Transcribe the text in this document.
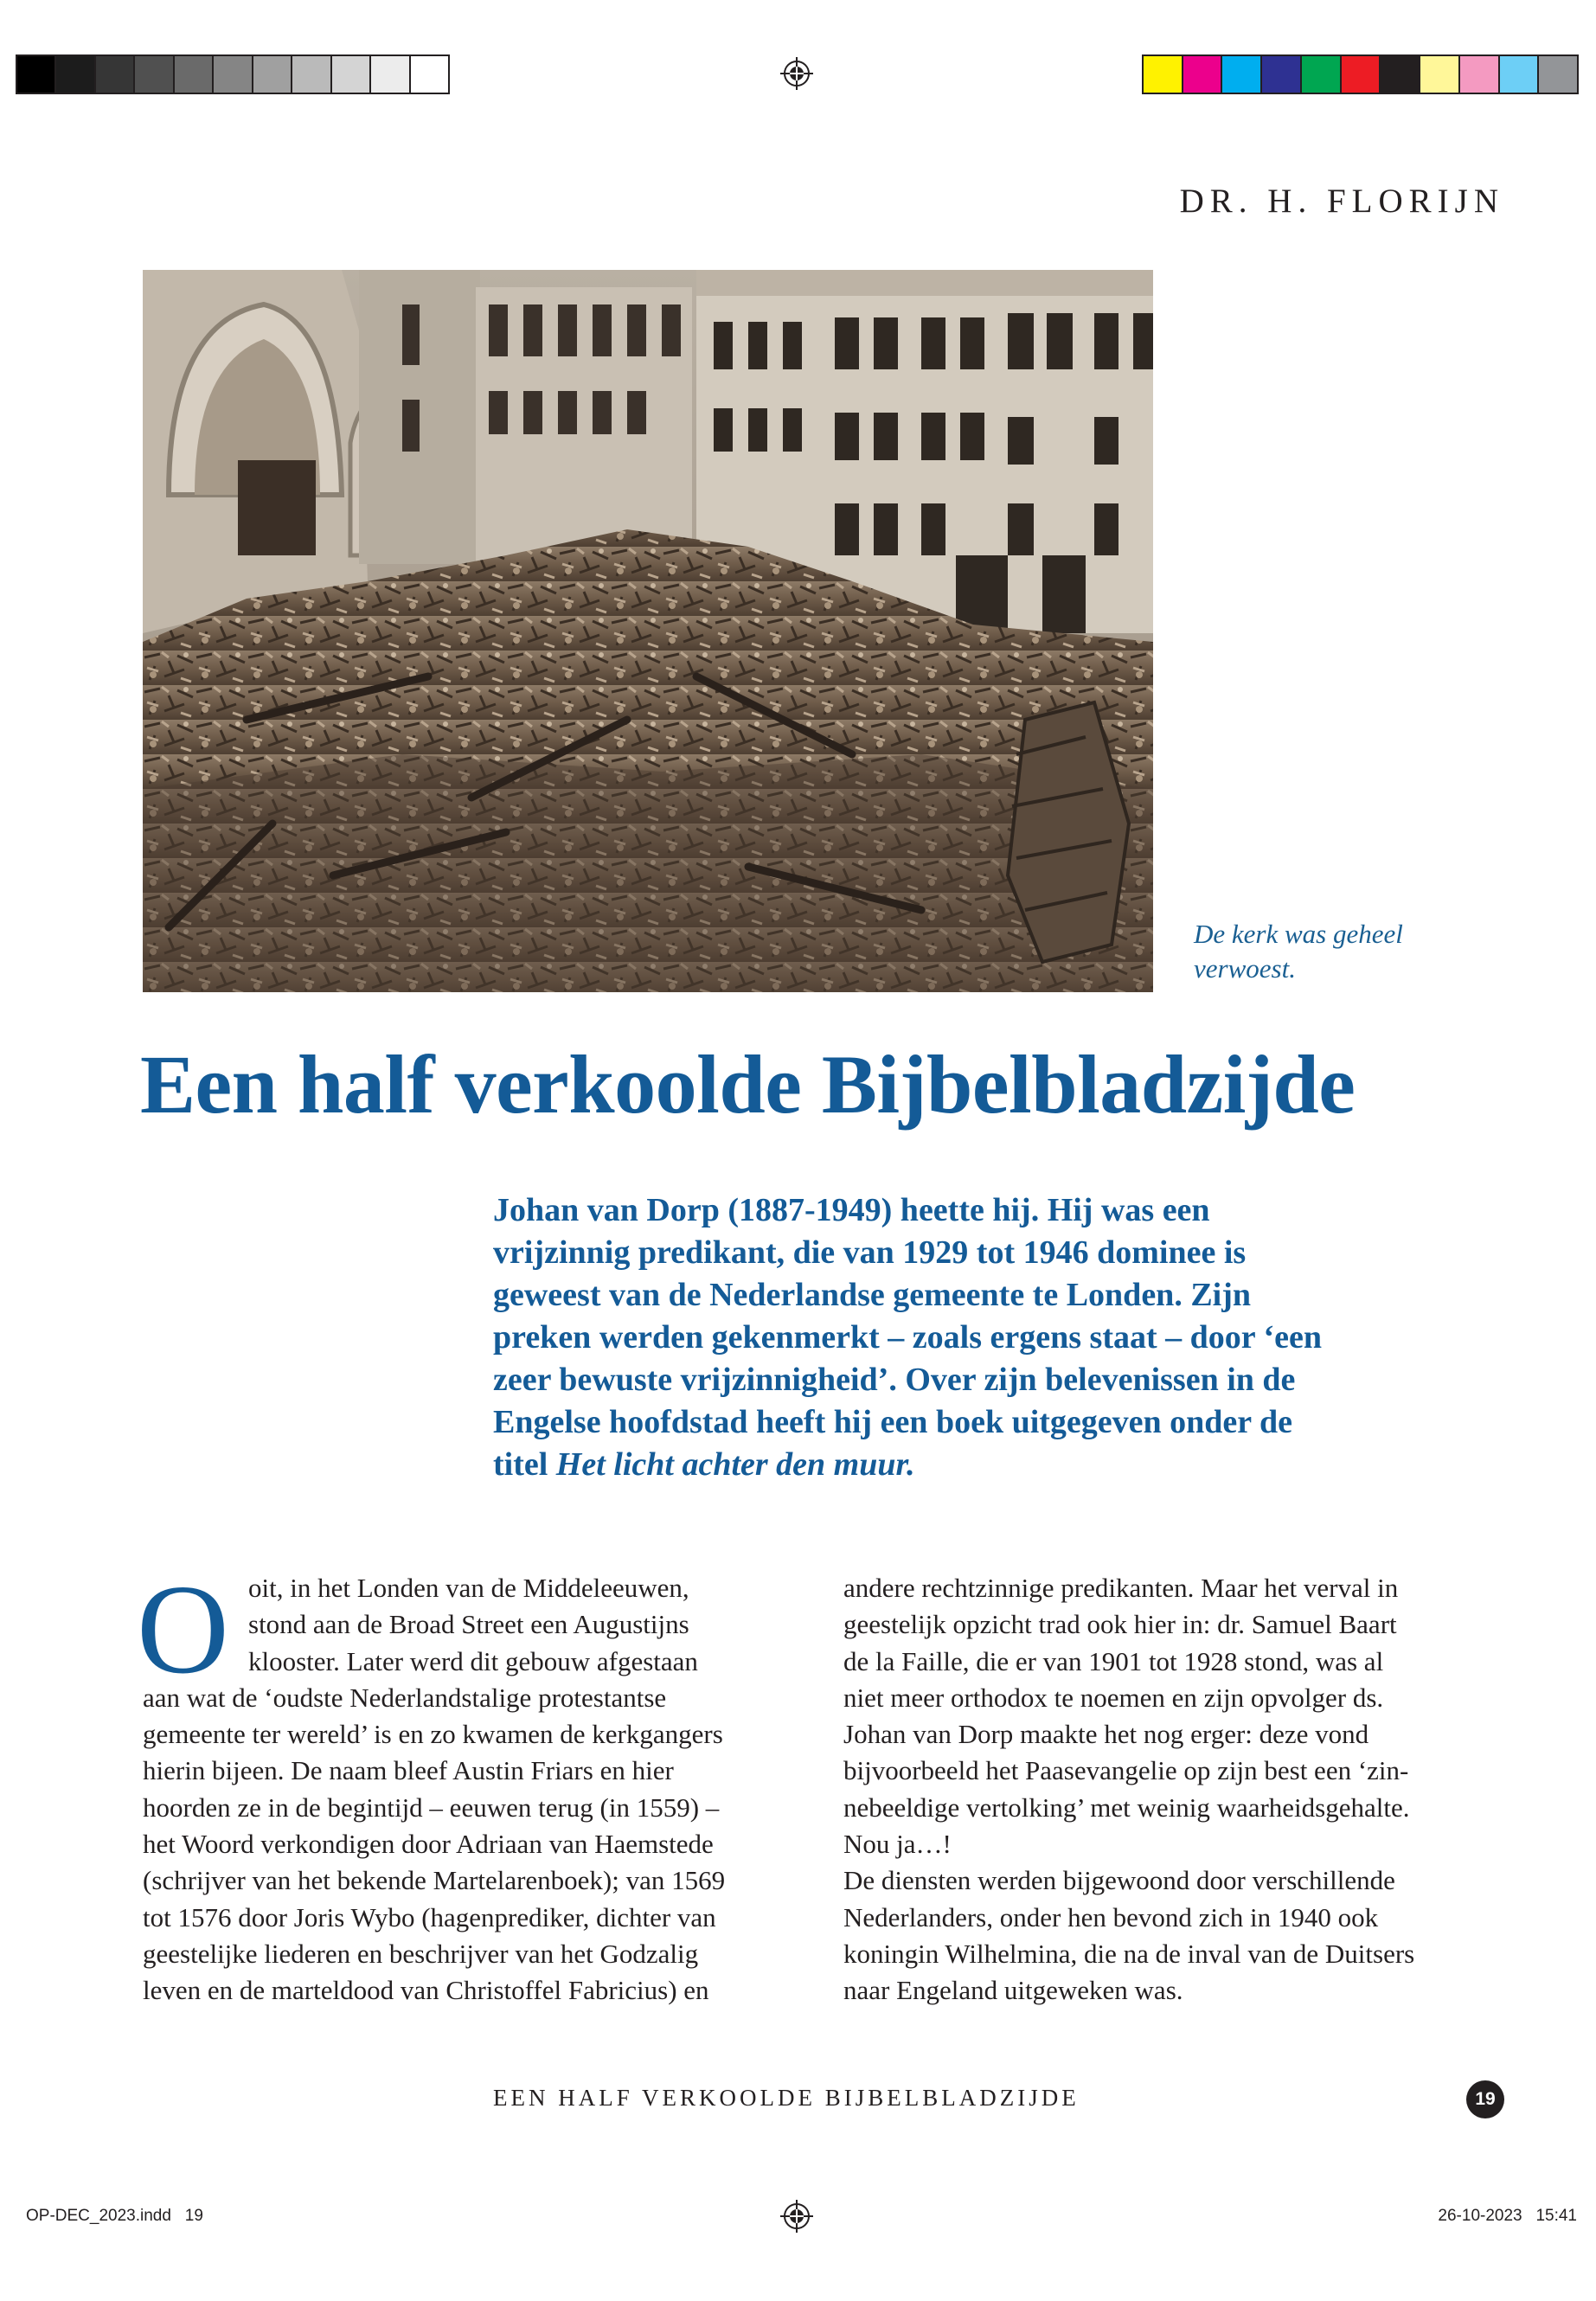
OP-DEC_2023.indd   19	26-10-2023   15:41
DR. H. FLORIJN
De kerk was geheel
verwoest.
Een half verkoolde Bijbelbladzijde
Johan van Dorp (1887-1949) heette hij. Hij was een
vrijzinnig predikant, die van 1929 tot 1946 dominee is
geweest van de Nederlandse gemeente te Londen. Zijn
preken werden gekenmerkt – zoals ergens staat – door ‘een
zeer bewuste vrijzinnigheid’. Over zijn belevenissen in de
Engelse hoofdstad heeft hij een boek uitgegeven onder de
titel Het licht achter den muur.
O oit, in het Londen van de Middeleeuwen,
stond aan de Broad Street een Augustijns
klooster. Later werd dit gebouw afgestaan
aan wat de ‘oudste Nederlandstalige protestantse
gemeente ter wereld’ is en zo kwamen de kerkgangers
hierin bijeen. De naam bleef Austin Friars en hier
hoorden ze in de begintijd – eeuwen terug (in 1559) –
het Woord verkondigen door Adriaan van Haemstede
(schrijver van het bekende Martelarenboek); van 1569
tot 1576 door Joris Wybo (hagenprediker, dichter van
geestelijke liederen en beschrijver van het Godzalig
leven en de marteldood van Christoffel Fabricius) en
andere rechtzinnige predikanten. Maar het verval in
geestelijk opzicht trad ook hier in: dr. Samuel Baart
de la Faille, die er van 1901 tot 1928 stond, was al
niet meer orthodox te noemen en zijn opvolger ds.
Johan van Dorp maakte het nog erger: deze vond
bijvoorbeeld het Paasevangelie op zijn best een ‘zin-
nebeeldige vertolking’ met weinig waarheidsgehalte.
Nou ja…!
De diensten werden bijgewoond door verschillende
Nederlanders, onder hen bevond zich in 1940 ook
koningin Wilhelmina, die na de inval van de Duitsers
naar Engeland uitgeweken was.
EEN HALF VERKOOLDE BIJBELBLADZIJDE	19
